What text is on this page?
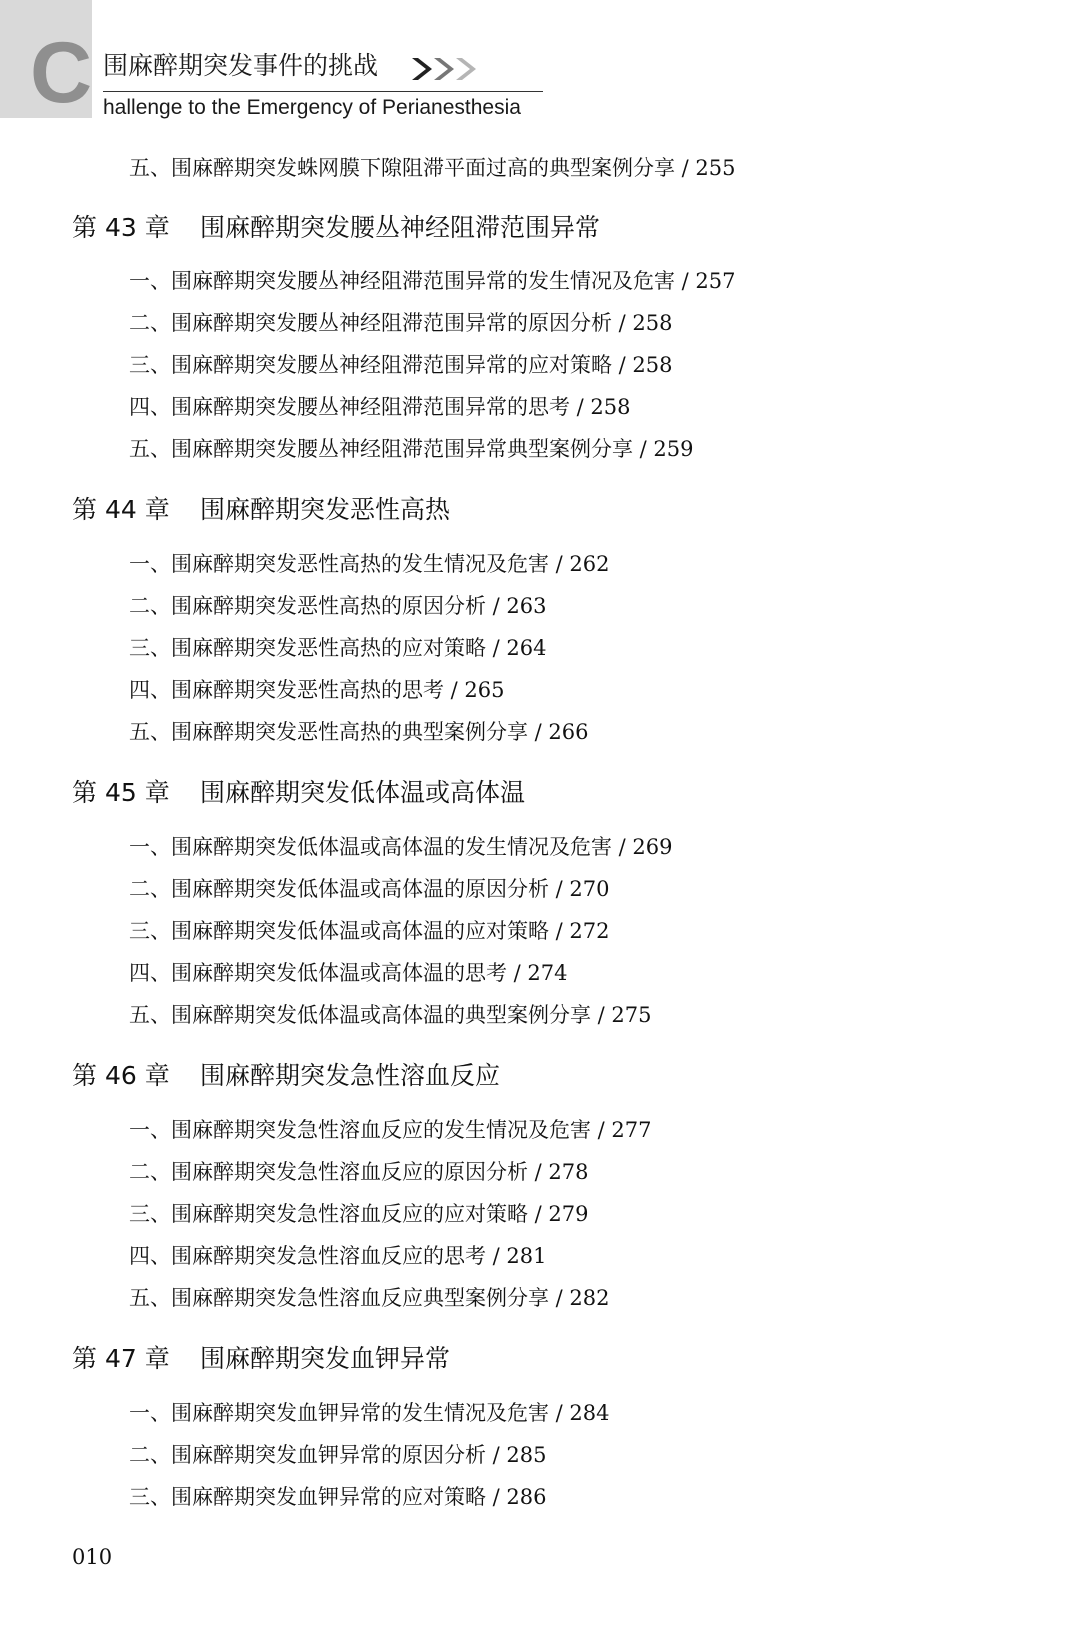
C 围麻醉期突发事件的挑战
hallenge to the Emergency of Perianesthesia
五、围麻醉期突发蛛网膜下隙阻滞平面过高的典型案例分享 / 255
第 43 章 围麻醉期突发腰丛神经阻滞范围异常
一、围麻醉期突发腰丛神经阻滞范围异常的发生情况及危害 / 257
二、围麻醉期突发腰丛神经阻滞范围异常的原因分析 / 258
三、围麻醉期突发腰丛神经阻滞范围异常的应对策略 / 258
四、围麻醉期突发腰丛神经阻滞范围异常的思考 / 258
五、围麻醉期突发腰丛神经阻滞范围异常典型案例分享 / 259
第 44 章 围麻醉期突发恶性高热
一、围麻醉期突发恶性高热的发生情况及危害 / 262
二、围麻醉期突发恶性高热的原因分析 / 263
三、围麻醉期突发恶性高热的应对策略 / 264
四、围麻醉期突发恶性高热的思考 / 265
五、围麻醉期突发恶性高热的典型案例分享 / 266
第 45 章 围麻醉期突发低体温或高体温
一、围麻醉期突发低体温或高体温的发生情况及危害 / 269
二、围麻醉期突发低体温或高体温的原因分析 / 270
三、围麻醉期突发低体温或高体温的应对策略 / 272
四、围麻醉期突发低体温或高体温的思考 / 274
五、围麻醉期突发低体温或高体温的典型案例分享 / 275
第 46 章 围麻醉期突发急性溶血反应
一、围麻醉期突发急性溶血反应的发生情况及危害 / 277
二、围麻醉期突发急性溶血反应的原因分析 / 278
三、围麻醉期突发急性溶血反应的应对策略 / 279
四、围麻醉期突发急性溶血反应的思考 / 281
五、围麻醉期突发急性溶血反应典型案例分享 / 282
第 47 章 围麻醉期突发血钾异常
一、围麻醉期突发血钾异常的发生情况及危害 / 284
二、围麻醉期突发血钾异常的原因分析 / 285
三、围麻醉期突发血钾异常的应对策略 / 286
010
